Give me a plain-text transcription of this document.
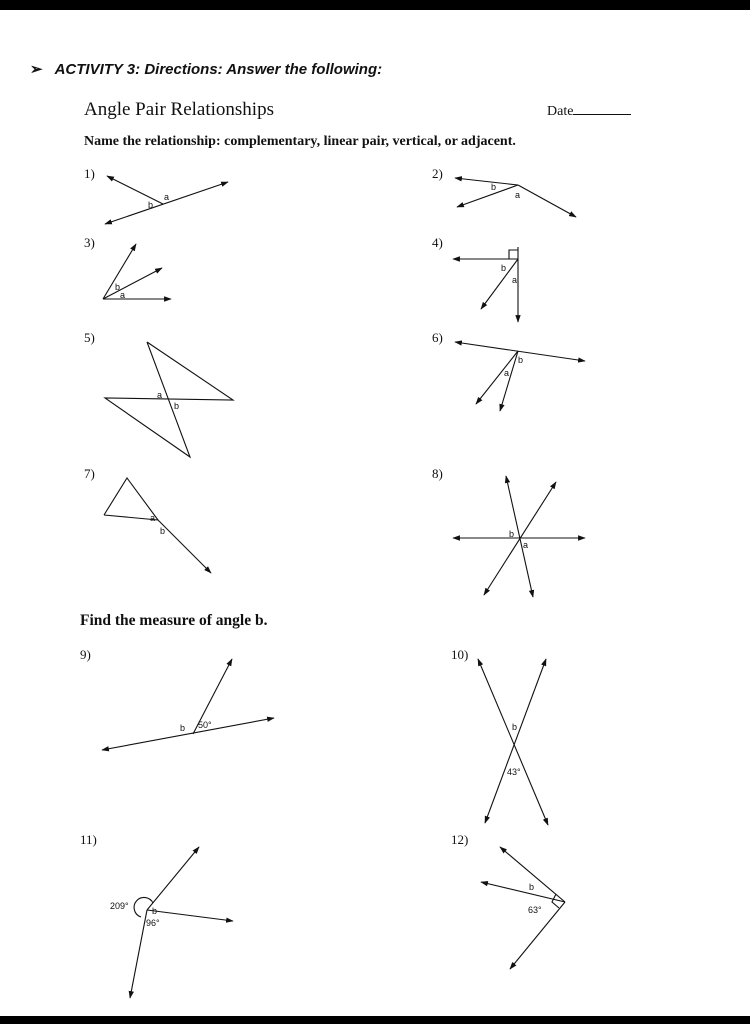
➢ ACTIVITY 3: Directions: Answer the following:
Angle Pair Relationships	Date
Name the relationship: complementary, linear pair, vertical, or adjacent.
Find the measure of angle b.
1)	2)
3)	4)
5)	6)
7)	8)
9)	10)
11)	12)
a
b
b
a
b
a
b
a
a
b
b
a
a
b	b
a
b 50°	b
43°
209°	b
96°
b
63°
